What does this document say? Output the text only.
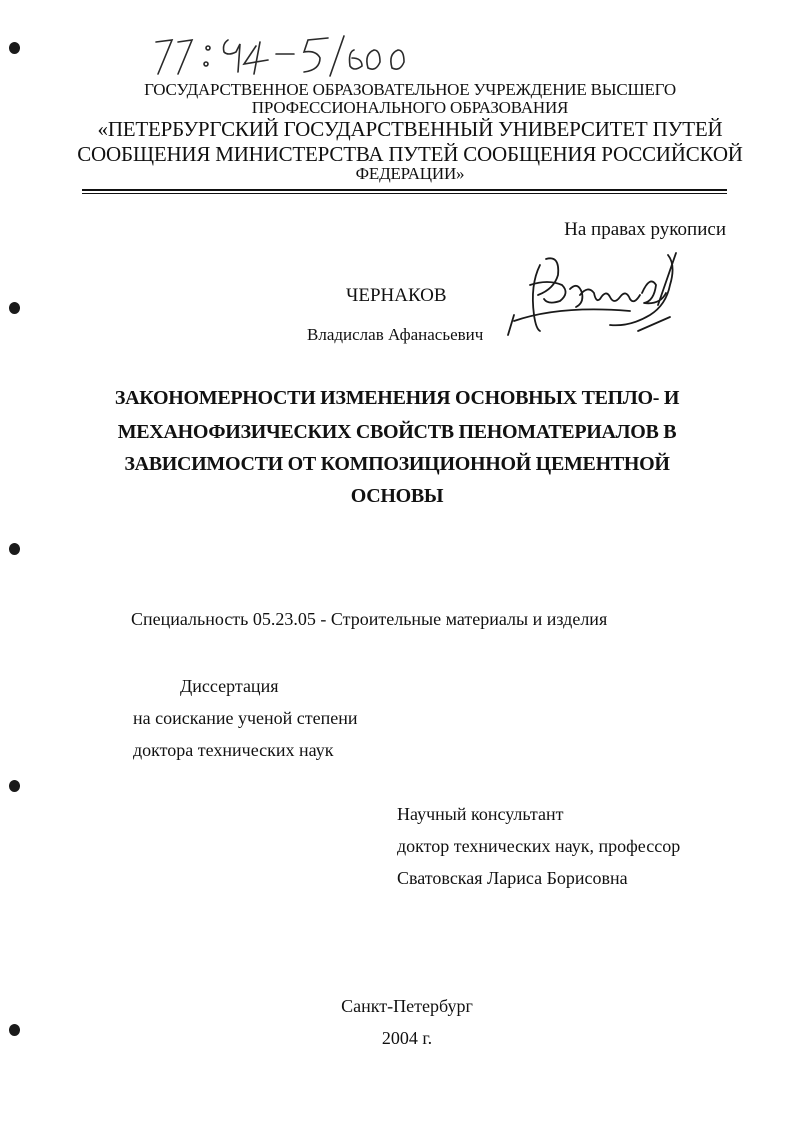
ГОСУДАРСТВЕННОЕ ОБРАЗОВАТЕЛЬНОЕ УЧРЕЖДЕНИЕ ВЫСШЕГО
ПРОФЕССИОНАЛЬНОГО ОБРАЗОВАНИЯ
«ПЕТЕРБУРГСКИЙ ГОСУДАРСТВЕННЫЙ УНИВЕРСИТЕТ ПУТЕЙ
СООБЩЕНИЯ МИНИСТЕРСТВА ПУТЕЙ СООБЩЕНИЯ РОССИЙСКОЙ
ФЕДЕРАЦИИ»
На правах рукописи
ЧЕРНАКОВ
Владислав Афанасьевич
ЗАКОНОМЕРНОСТИ ИЗМЕНЕНИЯ ОСНОВНЫХ ТЕПЛО- И
МЕХАНОФИЗИЧЕСКИХ СВОЙСТВ ПЕНОМАТЕРИАЛОВ В
ЗАВИСИМОСТИ ОТ КОМПОЗИЦИОННОЙ ЦЕМЕНТНОЙ
ОСНОВЫ
Специальность 05.23.05 - Строительные материалы и изделия
Диссертация
на соискание ученой степени
доктора технических наук
Научный консультант
доктор технических наук, профессор
Сватовская Лариса Борисовна
Санкт-Петербург
2004 г.
